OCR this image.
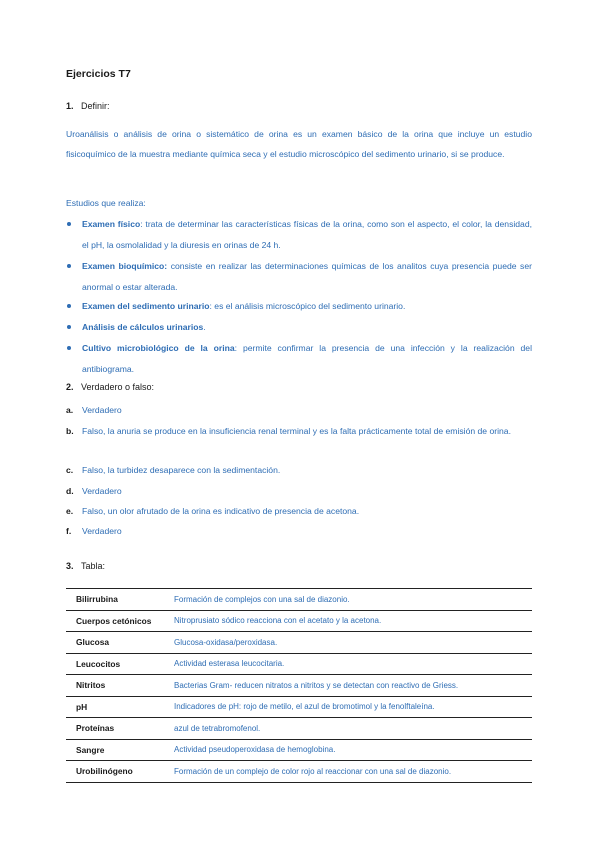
Ejercicios T7
1. Definir:
Uroanálisis o análisis de orina o sistemático de orina es un examen básico de la orina que incluye un estudio fisicoquímico de la muestra mediante química seca y el estudio microscópico del sedimento urinario, si se produce.
Estudios que realiza:
Examen físico: trata de determinar las características físicas de la orina, como son el aspecto, el color, la densidad, el pH, la osmolalidad y la diuresis en orinas de 24 h.
Examen bioquímico: consiste en realizar las determinaciones químicas de los analitos cuya presencia puede ser anormal o estar alterada.
Examen del sedimento urinario: es el análisis microscópico del sedimento urinario.
Análisis de cálculos urinarios.
Cultivo microbiológico de la orina: permite confirmar la presencia de una infección y la realización del antibiograma.
2. Verdadero o falso:
a.	Verdadero
b. Falso, la anuria se produce en la insuficiencia renal terminal y es la falta prácticamente total de emisión de orina.
c.	Falso, la turbidez desaparece con la sedimentación.
d. Verdadero
e.	Falso, un olor afrutado de la orina es indicativo de presencia de acetona.
f.	Verdadero
3. Tabla:
Bilirrubina	Formación de complejos con una sal de diazonio.
Cuerpos cetónicos	Nitroprusiato sódico reacciona con el acetato y la acetona.
Glucosa	Glucosa-oxidasa/peroxidasa.
Leucocitos	Actividad esterasa leucocitaria.
Nitritos	Bacterias Gram- reducen nitratos a nitritos y se detectan con reactivo de Griess.
pH	Indicadores de pH: rojo de metilo, el azul de bromotimol y la fenolftaleína.
Proteínas	azul de tetrabromofenol.
Sangre	Actividad pseudoperoxidasa de hemoglobina.
Urobilinógeno	Formación de un complejo de color rojo al reaccionar con una sal de diazonio.
